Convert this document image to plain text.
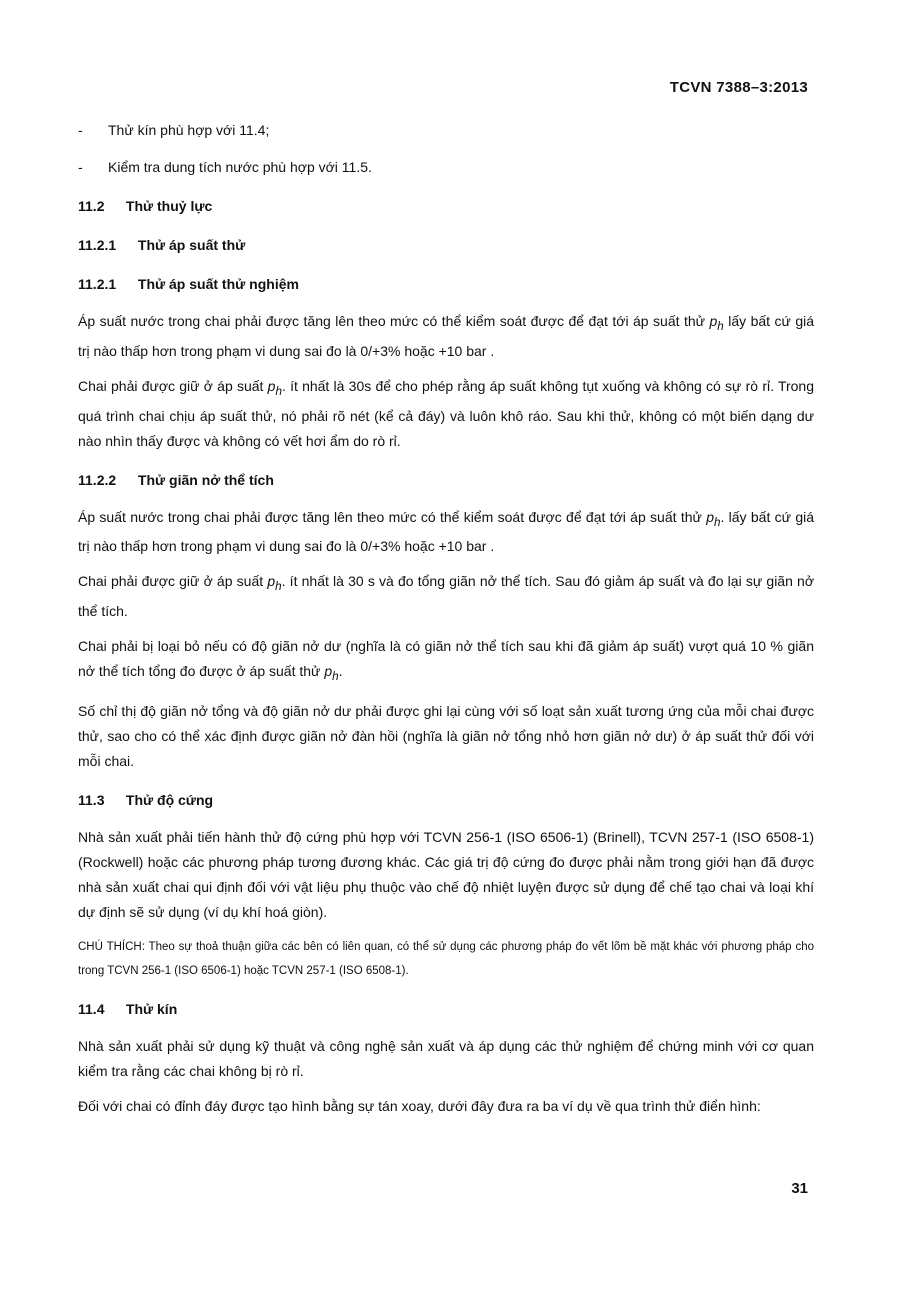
TCVN 7388–3:2013
-	Thử kín phù hợp với 11.4;
-	Kiểm tra dung tích nước phù hợp với 11.5.
11.2 Thử thuỷ lực
11.2.1 Thử áp suất thử
11.2.1 Thử áp suất thử nghiệm

Áp suất nước trong chai phải được tăng lên theo mức có thể kiểm soát được để đạt tới áp suất thử $p_h$ lấy bất cứ giá trị nào thấp hơn trong phạm vi dung sai đo là 0/+3% hoặc +10 bar .

Chai phải được giữ ở áp suất $p_h$. ít nhất là 30s để cho phép rằng áp suất không tụt xuống và không có sự rò rỉ. Trong quá trình chai chịu áp suất thử, nó phải rõ nét (kể cả đáy) và luôn khô ráo. Sau khi thử, không có một biến dạng dư nào nhìn thấy được và không có vết hơi ẩm do rò rỉ.

11.2.2 Thử giãn nở thể tích

Áp suất nước trong chai phải được tăng lên theo mức có thể kiểm soát được để đạt tới áp suất thử $p_h$. lấy bất cứ giá trị nào thấp hơn trong phạm vi dung sai đo là 0/+3% hoặc +10 bar .

Chai phải được giữ ở áp suất $p_h$. ít nhất là 30 s và đo tổng giãn nở thể tích. Sau đó giảm áp suất và đo lại sự giãn nở thể tích.

Chai phải bị loại bỏ nếu có độ giãn nở dư (nghĩa là có giãn nở thể tích sau khi đã giảm áp suất) vượt quá 10 % giãn nở thể tích tổng đo được ở áp suất thử $p_h$.

Số chỉ thị độ giãn nở tổng và độ giãn nở dư phải được ghi lại cùng với số loạt sản xuất tương ứng của mỗi chai được thử, sao cho có thể xác định được giãn nở đàn hồi (nghĩa là giãn nở tổng nhỏ hơn giãn nở dư) ở áp suất thử đối với mỗi chai.

11.3 Thử độ cứng

Nhà sản xuất phải tiến hành thử độ cứng phù hợp với TCVN 256-1 (ISO 6506-1) (Brinell), TCVN 257-1 (ISO 6508-1) (Rockwell) hoặc các phương pháp tương đương khác. Các giá trị độ cứng đo được phải nằm trong giới hạn đã được nhà sản xuất chai qui định đối với vật liệu phụ thuộc vào chế độ nhiệt luyện được sử dụng để chế tạo chai và loại khí dự định sẽ sử dụng (ví dụ khí hoá giòn).

CHÚ THÍCH: Theo sự thoả thuận giữa các bên có liên quan, có thể sử dụng các phương pháp đo vết lõm bề mặt khác với phương pháp cho trong TCVN 256-1 (ISO 6506-1) hoặc TCVN 257-1 (ISO 6508-1).
11.4 Thử kín

Nhà sản xuất phải sử dụng kỹ thuật và công nghệ sản xuất và áp dụng các thử nghiệm để chứng minh với cơ quan kiểm tra rằng các chai không bị rò rỉ.

Đối với chai có đỉnh đáy được tạo hình bằng sự tán xoay, dưới đây đưa ra ba ví dụ về qua trình thử điển hình:

31
